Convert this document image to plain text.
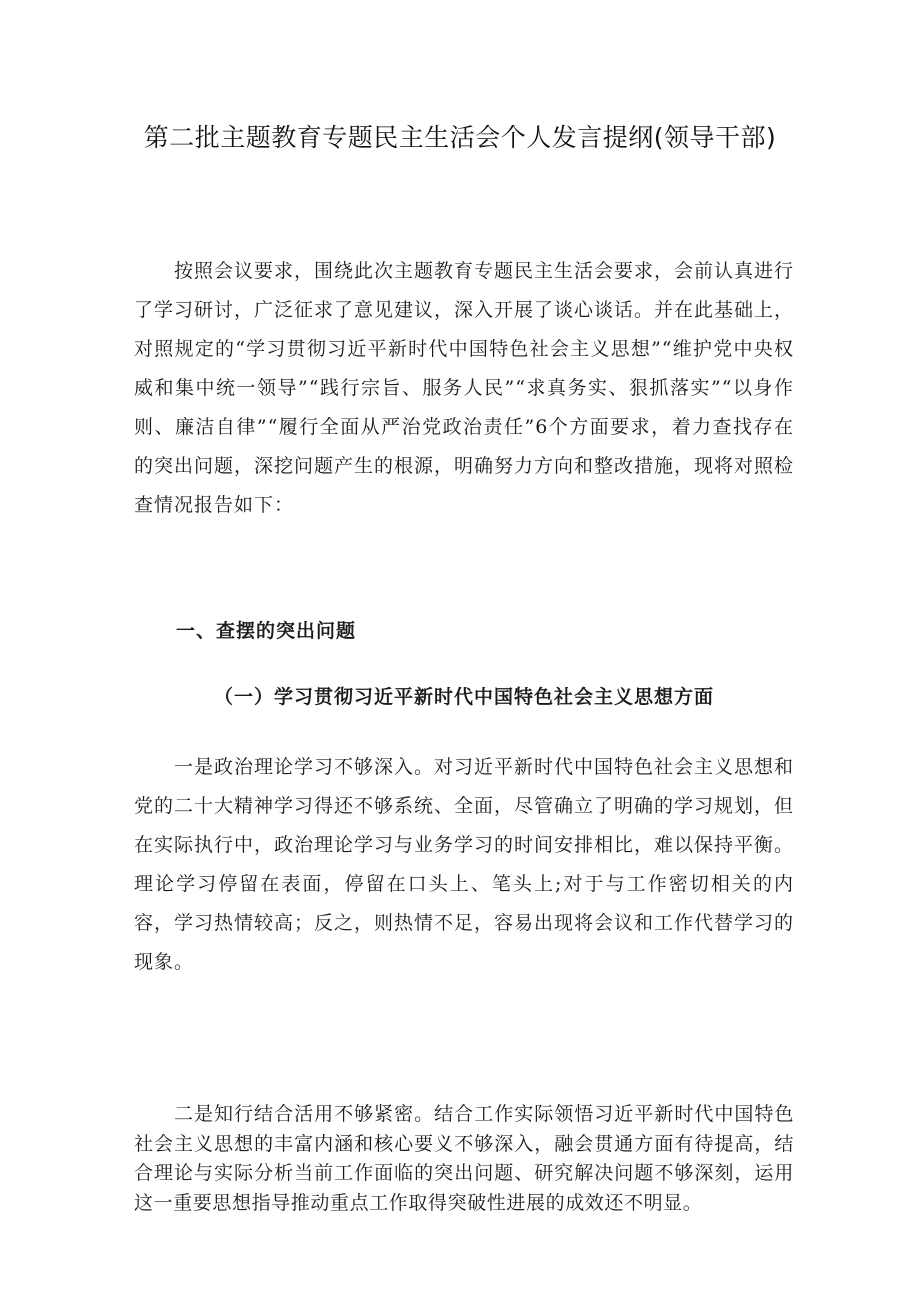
第二批主题教育专题民主生活会个人发言提纲(领导干部)

按照会议要求，围绕此次主题教育专题民主生活会要求，会前认真进行了学习研讨，广泛征求了意见建议，深入开展了谈心谈话。并在此基础上，对照规定的“学习贯彻习近平新时代中国特色社会主义思想”“维护党中央权威和集中统一领导”“践行宗旨、服务人民”“求真务实、狠抓落实”“以身作则、廉洁自律”“履行全面从严治党政治责任”6个方面要求，着力查找存在的突出问题，深挖问题产生的根源，明确努力方向和整改措施，现将对照检查情况报告如下：

一、查摆的突出问题
（一）学习贯彻习近平新时代中国特色社会主义思想方面

一是政治理论学习不够深入。对习近平新时代中国特色社会主义思想和党的二十大精神学习得还不够系统、全面，尽管确立了明确的学习规划，但在实际执行中，政治理论学习与业务学习的时间安排相比，难以保持平衡。理论学习停留在表面，停留在口头上、笔头上;对于与工作密切相关的内容，学习热情较高；反之，则热情不足，容易出现将会议和工作代替学习的现象。

二是知行结合活用不够紧密。结合工作实际领悟习近平新时代中国特色社会主义思想的丰富内涵和核心要义不够深入，融会贯通方面有待提高，结合理论与实际分析当前工作面临的突出问题、研究解决问题不够深刻，运用这一重要思想指导推动重点工作取得突破性进展的成效还不明显。
